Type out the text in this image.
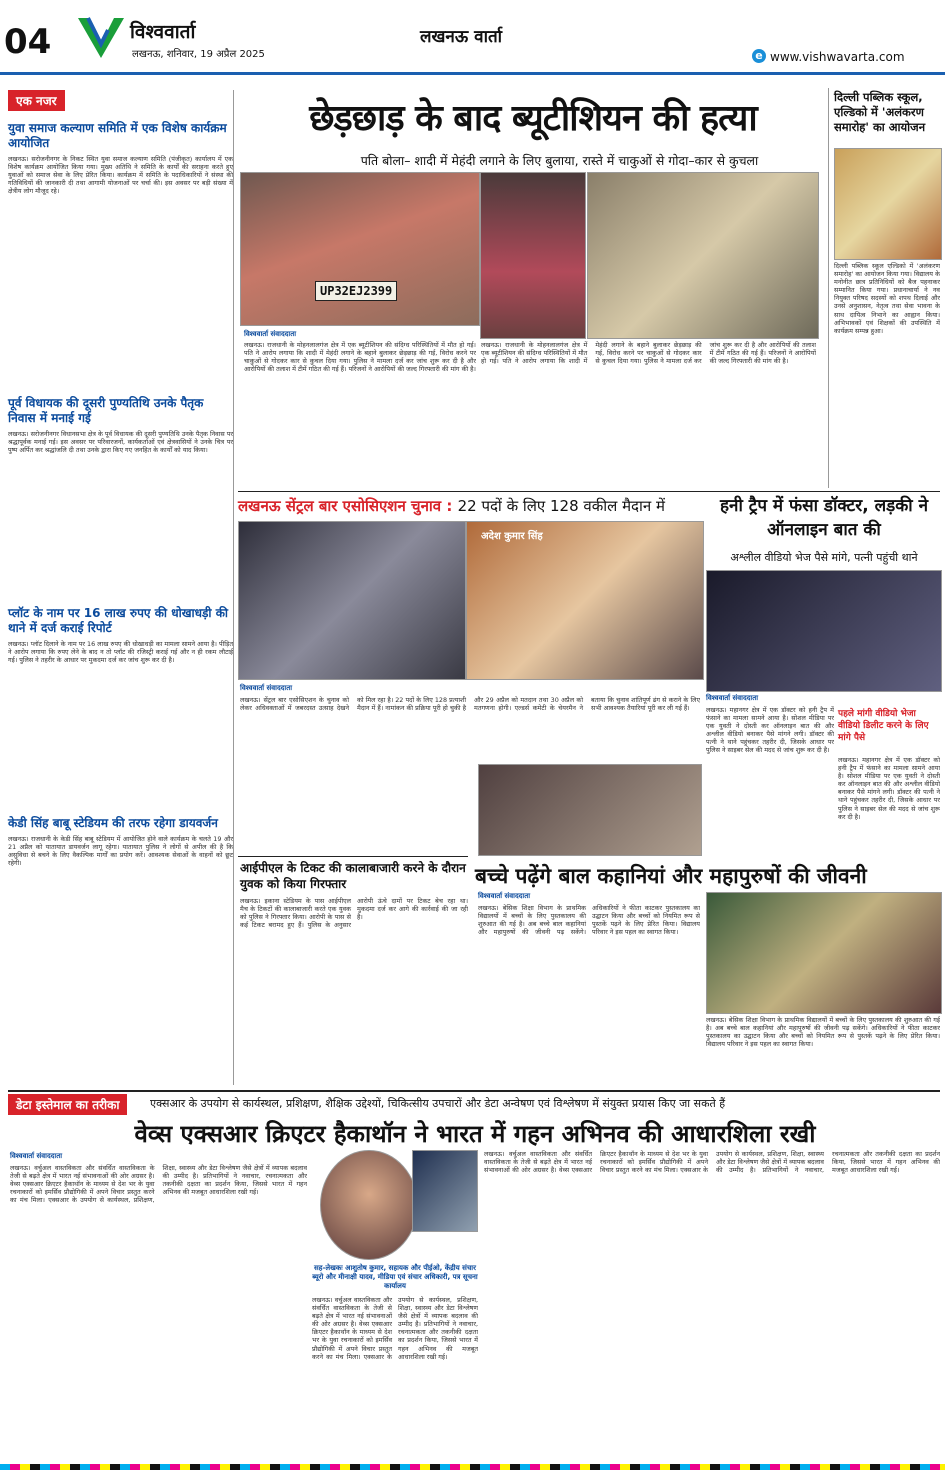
04	विश्ववार्ता
लखनऊ, शनिवार, 19 अप्रैल 2025
लखनऊ वार्ता
e www.vishwavarta.com
एक नजर
युवा समाज कल्याण समिति में एक विशेष कार्यक्रम आयोजित
लखनऊ। सरोजनीनगर के निकट स्थित युवा समाज कल्याण समिति (पंजीकृत) कार्यालय में एक विशेष कार्यक्रम आयोजित किया गया। मुख्य अतिथि ने समिति के कार्यों की सराहना करते हुए युवाओं को समाज सेवा के लिए प्रेरित किया। कार्यक्रम में समिति के पदाधिकारियों ने संस्था की गतिविधियों की जानकारी दी तथा आगामी योजनाओं पर चर्चा की। इस अवसर पर बड़ी संख्या में क्षेत्रीय लोग मौजूद रहे।
पूर्व विधायक की दूसरी पुण्यतिथि उनके पैतृक निवास में मनाई गई
लखनऊ। सरोजनीनगर विधानसभा क्षेत्र के पूर्व विधायक की दूसरी पुण्यतिथि उनके पैतृक निवास पर श्रद्धापूर्वक मनाई गई। इस अवसर पर परिवारजनों, कार्यकर्ताओं एवं क्षेत्रवासियों ने उनके चित्र पर पुष्प अर्पित कर श्रद्धांजलि दी तथा उनके द्वारा किए गए जनहित के कार्यों को याद किया।
प्लॉट के नाम पर 16 लाख रुपए की धोखाधड़ी की थाने में दर्ज कराई रिपोर्ट
लखनऊ। प्लॉट दिलाने के नाम पर 16 लाख रुपए की धोखाधड़ी का मामला सामने आया है। पीड़ित ने आरोप लगाया कि रुपए लेने के बाद न तो प्लॉट की रजिस्ट्री कराई गई और न ही रकम लौटाई गई। पुलिस ने तहरीर के आधार पर मुकदमा दर्ज कर जांच शुरू कर दी है।
केडी सिंह बाबू स्टेडियम की तरफ रहेगा डायवर्जन
लखनऊ। राजधानी के केडी सिंह बाबू स्टेडियम में आयोजित होने वाले कार्यक्रम के चलते 19 और 21 अप्रैल को यातायात डायवर्जन लागू रहेगा। यातायात पुलिस ने लोगों से अपील की है कि असुविधा से बचने के लिए वैकल्पिक मार्गों का प्रयोग करें। आवश्यक सेवाओं के वाहनों को छूट रहेगी।
छेड़छाड़ के बाद ब्यूटीशियन की हत्या
पति बोला– शादी में मेहंदी लगाने के लिए बुलाया, रास्ते में चाकुओं से गोदा–कार से कुचला
UP32EJ2399
विश्ववार्ता संवाददाता
लखनऊ। राजधानी के मोहनलालगंज क्षेत्र में एक ब्यूटीशियन की संदिग्ध परिस्थितियों में मौत हो गई। पति ने आरोप लगाया कि शादी में मेहंदी लगाने के बहाने बुलाकर छेड़छाड़ की गई, विरोध करने पर चाकुओं से गोदकर कार से कुचल दिया गया। पुलिस ने मामला दर्ज कर जांच शुरू कर दी है और आरोपियों की तलाश में टीमें गठित की गई हैं। परिजनों ने आरोपियों की जल्द गिरफ्तारी की मांग की है।
लखनऊ। राजधानी के मोहनलालगंज क्षेत्र में एक ब्यूटीशियन की संदिग्ध परिस्थितियों में मौत हो गई। पति ने आरोप लगाया कि शादी में मेहंदी लगाने के बहाने बुलाकर छेड़छाड़ की गई, विरोध करने पर चाकुओं से गोदकर कार से कुचल दिया गया। पुलिस ने मामला दर्ज कर जांच शुरू कर दी है और आरोपियों की तलाश में टीमें गठित की गई हैं। परिजनों ने आरोपियों की जल्द गिरफ्तारी की मांग की है।
दिल्ली पब्लिक स्कूल, एल्डिको में 'अलंकरण समारोह' का आयोजन
दिल्ली पब्लिक स्कूल एल्डिको में 'अलंकरण समारोह' का आयोजन किया गया। विद्यालय के मनोनीत छात्र प्रतिनिधियों को बैज पहनाकर सम्मानित किया गया। प्रधानाचार्या ने नव नियुक्त परिषद सदस्यों को शपथ दिलाई और उनसे अनुशासन, नेतृत्व तथा सेवा भावना के साथ दायित्व निभाने का आह्वान किया। अभिभावकों एवं शिक्षकों की उपस्थिति में कार्यक्रम सम्पन्न हुआ।
लखनऊ सेंट्रल बार एसोसिएशन चुनाव : 22 पदों के लिए 128 वकील मैदान में
अदेश कुमार सिंह
विश्ववार्ता संवाददाता
लखनऊ। सेंट्रल बार एसोसिएशन के चुनाव को लेकर अधिवक्ताओं में जबरदस्त उत्साह देखने को मिल रहा है। 22 पदों के लिए 128 प्रत्याशी मैदान में हैं। नामांकन की प्रक्रिया पूरी हो चुकी है और 29 अप्रैल को मतदान तथा 30 अप्रैल को मतगणना होगी। एल्डर्स कमेटी के चेयरमैन ने बताया कि चुनाव शांतिपूर्ण ढंग से कराने के लिए सभी आवश्यक तैयारियां पूरी कर ली गई हैं।
हनी ट्रैप में फंसा डॉक्टर, लड़की ने ऑनलाइन बात की
अश्लील वीडियो भेज पैसे मांगे, पत्नी पहुंची थाने
विश्ववार्ता संवाददाता
पहले मांगी वीडियो भेजा वीडियो डिलीट करने के लिए मांगे पैसे
लखनऊ। महानगर क्षेत्र में एक डॉक्टर को हनी ट्रैप में फंसाने का मामला सामने आया है। सोशल मीडिया पर एक युवती ने दोस्ती कर ऑनलाइन बात की और अश्लील वीडियो बनाकर पैसे मांगने लगी। डॉक्टर की पत्नी ने थाने पहुंचकर तहरीर दी, जिसके आधार पर पुलिस ने साइबर सेल की मदद से जांच शुरू कर दी है।
लखनऊ। महानगर क्षेत्र में एक डॉक्टर को हनी ट्रैप में फंसाने का मामला सामने आया है। सोशल मीडिया पर एक युवती ने दोस्ती कर ऑनलाइन बात की और अश्लील वीडियो बनाकर पैसे मांगने लगी। डॉक्टर की पत्नी ने थाने पहुंचकर तहरीर दी, जिसके आधार पर पुलिस ने साइबर सेल की मदद से जांच शुरू कर दी है।
आईपीएल के टिकट की कालाबाजारी करने के दौरान युवक को किया गिरफ्तार
लखनऊ। इकाना स्टेडियम के पास आईपीएल मैच के टिकटों की कालाबाजारी करते एक युवक को पुलिस ने गिरफ्तार किया। आरोपी के पास से कई टिकट बरामद हुए हैं। पुलिस के अनुसार आरोपी ऊंचे दामों पर टिकट बेच रहा था। मुकदमा दर्ज कर आगे की कार्रवाई की जा रही है।
बच्चे पढ़ेंगे बाल कहानियां और महापुरुषों की जीवनी
विश्ववार्ता संवाददाता
लखनऊ। बेसिक शिक्षा विभाग के प्राथमिक विद्यालयों में बच्चों के लिए पुस्तकालय की शुरुआत की गई है। अब बच्चे बाल कहानियां और महापुरुषों की जीवनी पढ़ सकेंगे। अधिकारियों ने फीता काटकर पुस्तकालय का उद्घाटन किया और बच्चों को नियमित रूप से पुस्तकें पढ़ने के लिए प्रेरित किया। विद्यालय परिवार ने इस पहल का स्वागत किया।
लखनऊ। बेसिक शिक्षा विभाग के प्राथमिक विद्यालयों में बच्चों के लिए पुस्तकालय की शुरुआत की गई है। अब बच्चे बाल कहानियां और महापुरुषों की जीवनी पढ़ सकेंगे। अधिकारियों ने फीता काटकर पुस्तकालय का उद्घाटन किया और बच्चों को नियमित रूप से पुस्तकें पढ़ने के लिए प्रेरित किया। विद्यालय परिवार ने इस पहल का स्वागत किया।
डेटा इस्तेमाल का तरीका	एक्सआर के उपयोग से कार्यस्थल, प्रशिक्षण, शैक्षिक उद्देश्यों, चिकित्सीय उपचारों और डेटा अन्वेषण एवं विश्लेषण में संयुक्त प्रयास किए जा सकते हैं
वेव्स एक्सआर क्रिएटर हैकाथॉन ने भारत में गहन अभिनव की आधारशिला रखी
विश्ववार्ता संवाददाता
लखनऊ। वर्चुअल वास्तविकता और संवर्धित वास्तविकता के तेजी से बढ़ते क्षेत्र में भारत नई संभावनाओं की ओर अग्रसर है। वेव्स एक्सआर क्रिएटर हैकाथॉन के माध्यम से देश भर के युवा रचनाकारों को इमर्सिव प्रौद्योगिकी में अपने विचार प्रस्तुत करने का मंच मिला। एक्सआर के उपयोग से कार्यस्थल, प्रशिक्षण, शिक्षा, स्वास्थ्य और डेटा विश्लेषण जैसे क्षेत्रों में व्यापक बदलाव की उम्मीद है। प्रतिभागियों ने नवाचार, रचनात्मकता और तकनीकी दक्षता का प्रदर्शन किया, जिससे भारत में गहन अभिनव की मजबूत आधारशिला रखी गई।
सह-लेखकः आशुतोष कुमार, सहायक और पीईओ, केंद्रीय संचार ब्यूरो और मीनाक्षी यादव, मीडिया एवं संचार अधिकारी, पत्र सूचना कार्यालय
लखनऊ। वर्चुअल वास्तविकता और संवर्धित वास्तविकता के तेजी से बढ़ते क्षेत्र में भारत नई संभावनाओं की ओर अग्रसर है। वेव्स एक्सआर क्रिएटर हैकाथॉन के माध्यम से देश भर के युवा रचनाकारों को इमर्सिव प्रौद्योगिकी में अपने विचार प्रस्तुत करने का मंच मिला। एक्सआर के उपयोग से कार्यस्थल, प्रशिक्षण, शिक्षा, स्वास्थ्य और डेटा विश्लेषण जैसे क्षेत्रों में व्यापक बदलाव की उम्मीद है। प्रतिभागियों ने नवाचार, रचनात्मकता और तकनीकी दक्षता का प्रदर्शन किया, जिससे भारत में गहन अभिनव की मजबूत आधारशिला रखी गई।
लखनऊ। वर्चुअल वास्तविकता और संवर्धित वास्तविकता के तेजी से बढ़ते क्षेत्र में भारत नई संभावनाओं की ओर अग्रसर है। वेव्स एक्सआर क्रिएटर हैकाथॉन के माध्यम से देश भर के युवा रचनाकारों को इमर्सिव प्रौद्योगिकी में अपने विचार प्रस्तुत करने का मंच मिला। एक्सआर के उपयोग से कार्यस्थल, प्रशिक्षण, शिक्षा, स्वास्थ्य और डेटा विश्लेषण जैसे क्षेत्रों में व्यापक बदलाव की उम्मीद है। प्रतिभागियों ने नवाचार, रचनात्मकता और तकनीकी दक्षता का प्रदर्शन किया, जिससे भारत में गहन अभिनव की मजबूत आधारशिला रखी गई।
